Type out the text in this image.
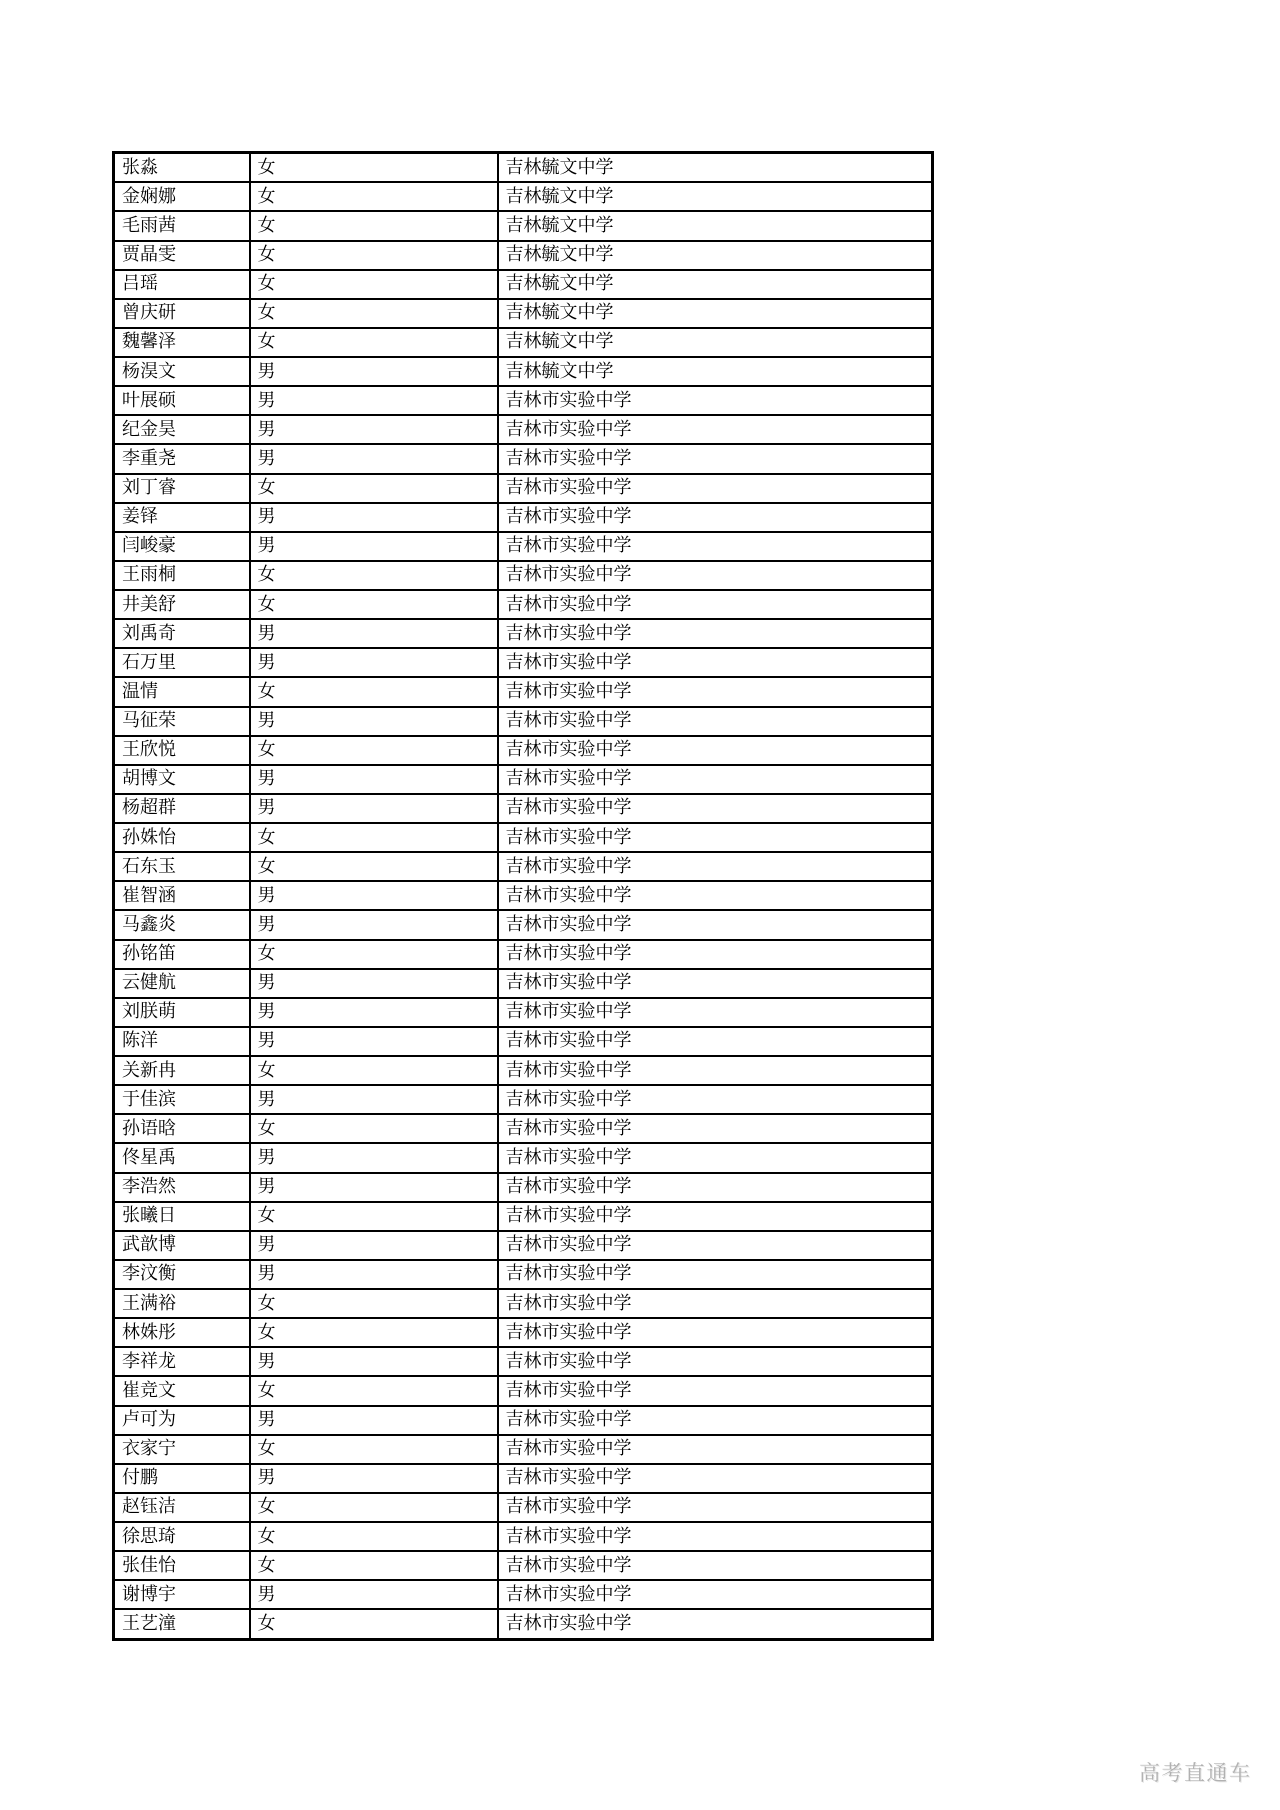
张淼	女	吉林毓文中学
金娴娜	女	吉林毓文中学
毛雨茜	女	吉林毓文中学
贾晶雯	女	吉林毓文中学
吕瑶	女	吉林毓文中学
曾庆研	女	吉林毓文中学
魏馨泽	女	吉林毓文中学
杨淏文	男	吉林毓文中学
叶展硕	男	吉林市实验中学
纪金昊	男	吉林市实验中学
李重尧	男	吉林市实验中学
刘丁睿	女	吉林市实验中学
姜铎	男	吉林市实验中学
闫峻豪	男	吉林市实验中学
王雨桐	女	吉林市实验中学
井美舒	女	吉林市实验中学
刘禹奇	男	吉林市实验中学
石万里	男	吉林市实验中学
温情	女	吉林市实验中学
马征荣	男	吉林市实验中学
王欣悦	女	吉林市实验中学
胡博文	男	吉林市实验中学
杨超群	男	吉林市实验中学
孙姝怡	女	吉林市实验中学
石东玉	女	吉林市实验中学
崔智涵	男	吉林市实验中学
马鑫炎	男	吉林市实验中学
孙铭笛	女	吉林市实验中学
云健航	男	吉林市实验中学
刘朕萌	男	吉林市实验中学
陈洋	男	吉林市实验中学
关新冉	女	吉林市实验中学
于佳滨	男	吉林市实验中学
孙语晗	女	吉林市实验中学
佟星禹	男	吉林市实验中学
李浩然	男	吉林市实验中学
张曦日	女	吉林市实验中学
武歆博	男	吉林市实验中学
李汶衡	男	吉林市实验中学
王满裕	女	吉林市实验中学
林姝彤	女	吉林市实验中学
李祥龙	男	吉林市实验中学
崔竞文	女	吉林市实验中学
卢可为	男	吉林市实验中学
衣家宁	女	吉林市实验中学
付鹏	男	吉林市实验中学
赵钰洁	女	吉林市实验中学
徐思琦	女	吉林市实验中学
张佳怡	女	吉林市实验中学
谢博宇	男	吉林市实验中学
王艺潼	女	吉林市实验中学
高考直通车
